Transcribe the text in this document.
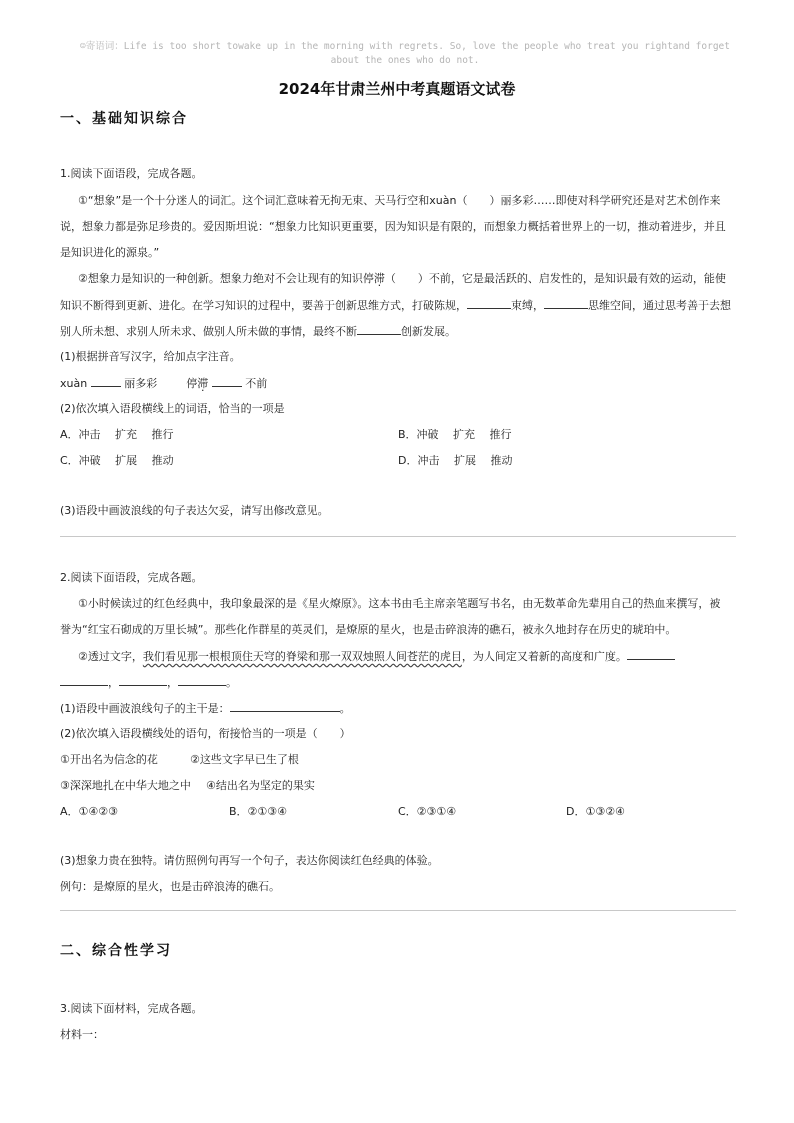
☺寄语词：Life is too short towake up in the morning with regrets. So, love the people who treat you rightand forget
about the ones who do not.
2024年甘肃兰州中考真题语文试卷
一、基础知识综合
1.阅读下面语段，完成各题。
①“想象”是一个十分迷人的词汇。这个词汇意味着无拘无束、天马行空和xuàn（　　）丽多彩……即使对科学研究还是对艺术创作来
说，想象力都是弥足珍贵的。爱因斯坦说：“想象力比知识更重要，因为知识是有限的，而想象力概括着世界上的一切，推动着进步，并且
是知识进化的源泉。”
②想象力是知识的一种创新。想象力绝对不会让现有的知识停滞（　　）不前，它是最活跃的、启发性的，是知识最有效的运动，能使
知识不断得到更新、进化。在学习知识的过程中，要善于创新思维方式，打破陈规，	束缚，	思维空间，通过思考善于去想
别人所未想、求别人所未求、做别人所未做的事情，最终不断	创新发展。
(1)根据拼音写汉字，给加点字注音。
xuàn	丽多彩	停滞	不前
(2)依次填入语段横线上的词语，恰当的一项是
A．冲击　 扩充　 推行	B．冲破　 扩充　 推行
C．冲破　 扩展　 推动	D．冲击　 扩展　 推动
(3)语段中画波浪线的句子表达欠妥，请写出修改意见。
2.阅读下面语段，完成各题。
①小时候读过的红色经典中，我印象最深的是《星火燎原》。这本书由毛主席亲笔题写书名，由无数革命先辈用自己的热血来撰写，被
誉为“红宝石砌成的万里长城”。那些化作群星的英灵们，是燎原的星火，也是击碎浪涛的礁石，被永久地封存在历史的琥珀中。
②透过文字，我们看见那一根根顶住天穹的脊梁和那一双双烛照人间苍茫的虎目，为人间定又着新的高度和广度。
，	，	。
(1)语段中画波浪线句子的主干是：	。
(2)依次填入语段横线处的语句，衔接恰当的一项是（　　）
①开出名为信念的花	②这些文字早已生了根
③深深地扎在中华大地之中 ④结出名为坚定的果实
A．①④②③	B．②①③④	C．②③①④	D．①③②④
(3)想象力贵在独特。请仿照例句再写一个句子，表达你阅读红色经典的体验。
例句：是燎原的星火，也是击碎浪涛的礁石。
二、综合性学习
3.阅读下面材料，完成各题。
材料一：
